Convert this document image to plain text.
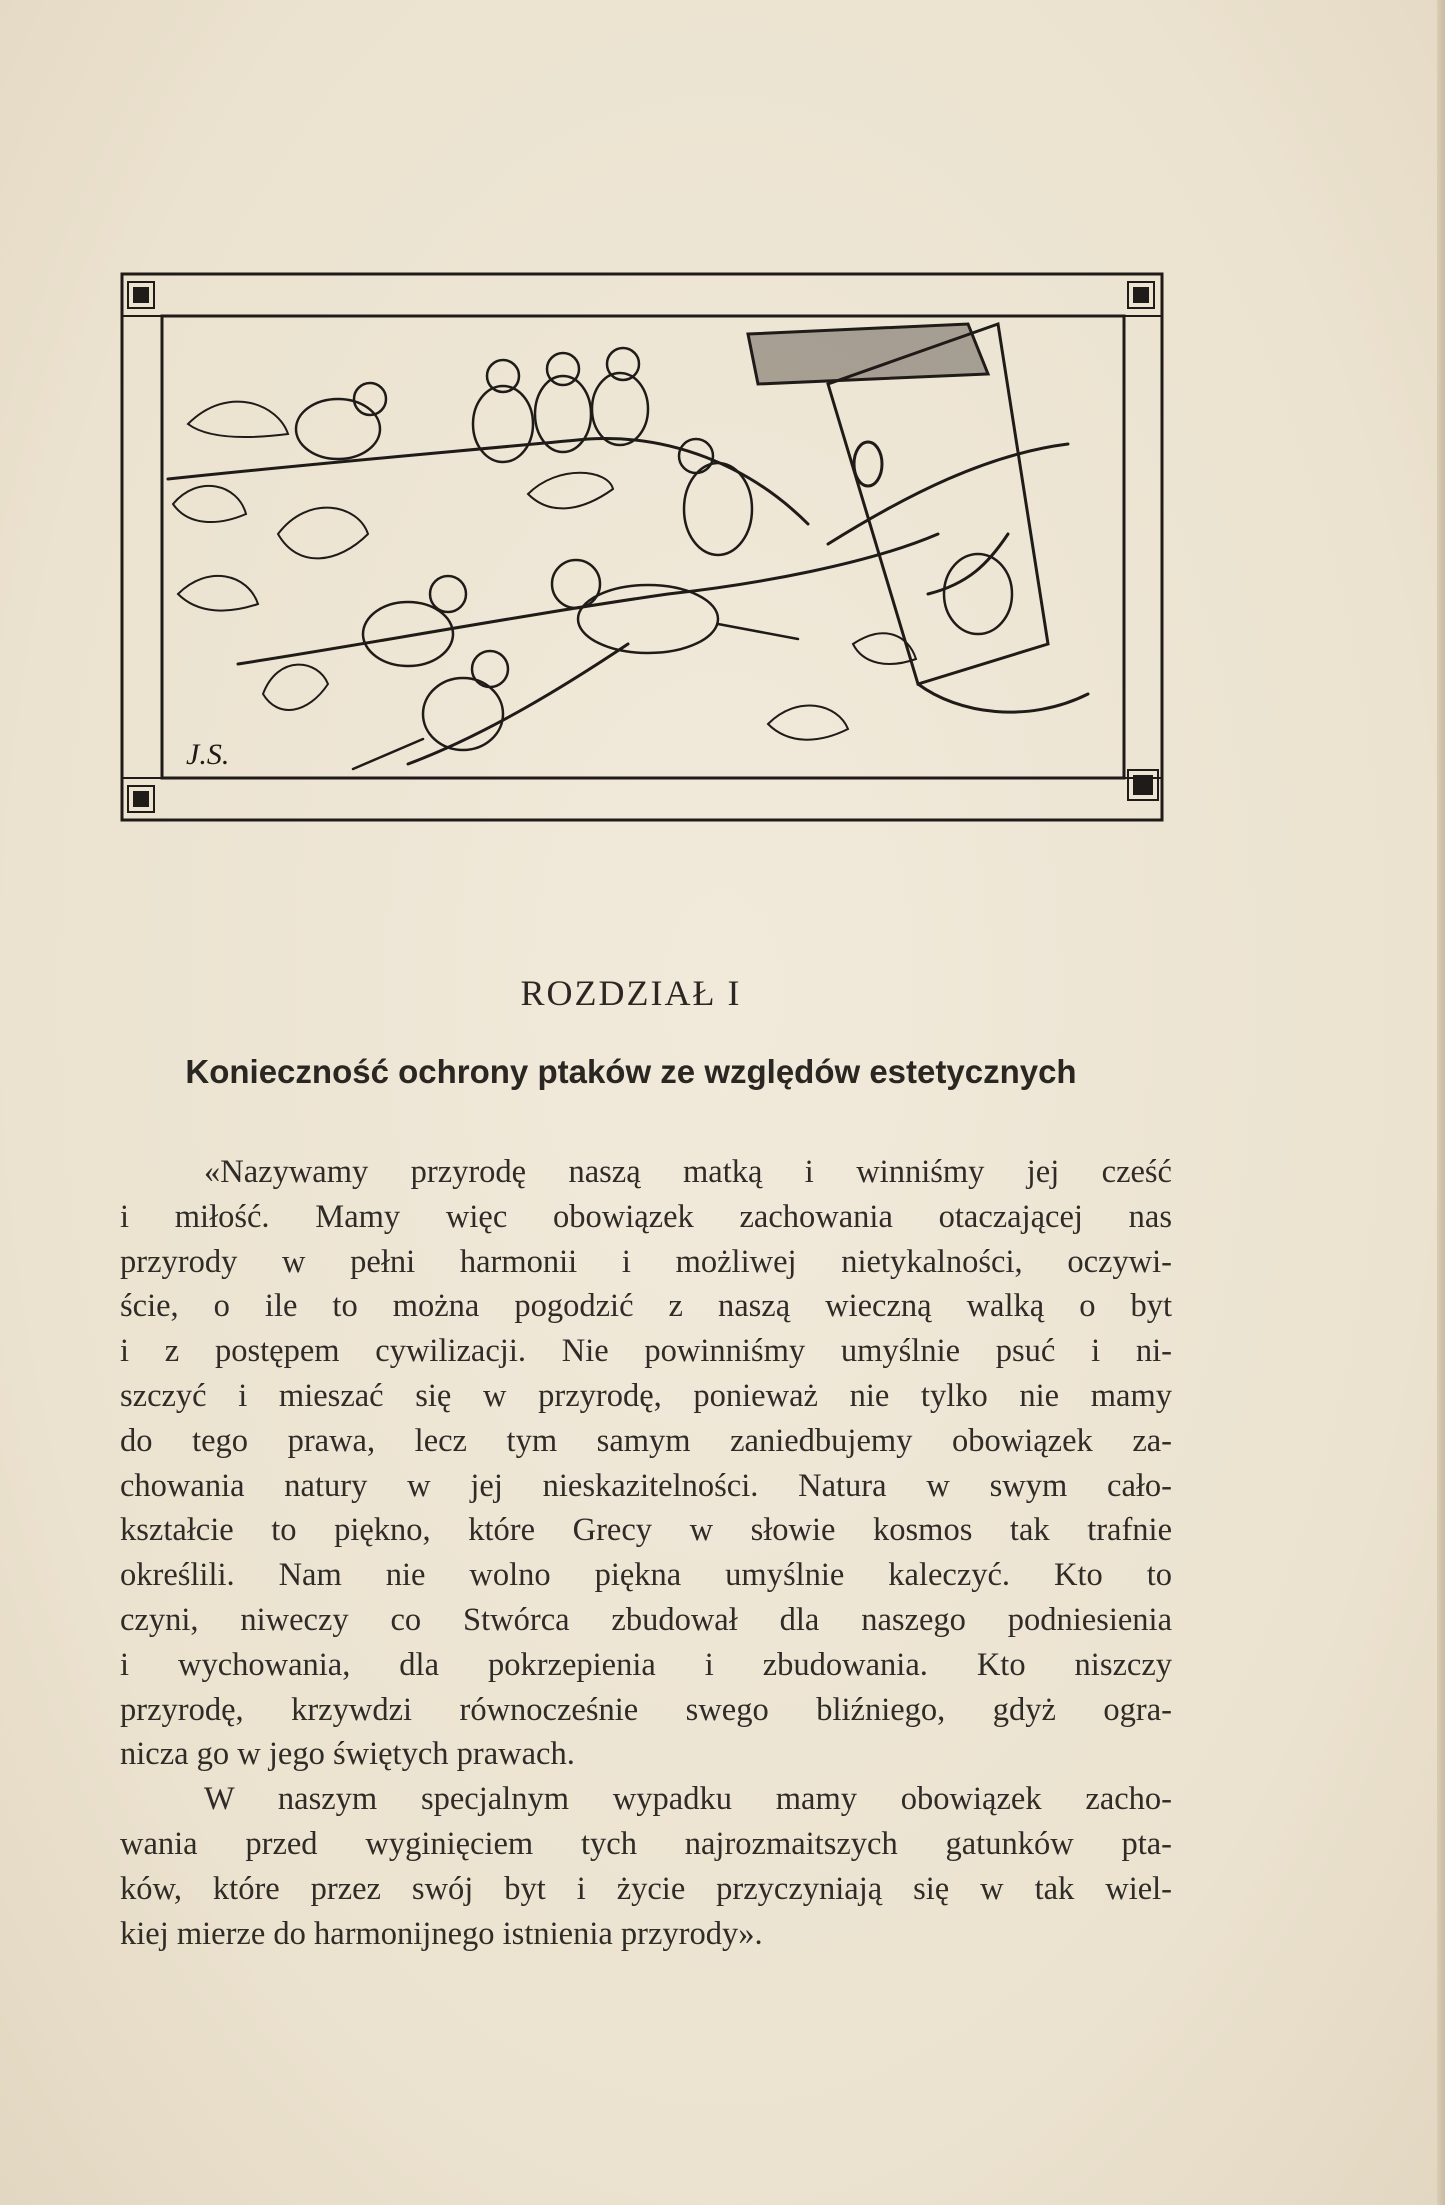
J.S.
ROZDZIAŁ I
Konieczność ochrony ptaków ze względów estetycznych
«Nazywamy przyrodę naszą matką i winniśmy jej cześć
i miłość. Mamy więc obowiązek zachowania otaczającej nas
przyrody w pełni harmonii i możliwej nietykalności, oczywi-
ście, o ile to można pogodzić z naszą wieczną walką o byt
i z postępem cywilizacji. Nie powinniśmy umyślnie psuć i ni-
szczyć i mieszać się w przyrodę, ponieważ nie tylko nie mamy
do tego prawa, lecz tym samym zaniedbujemy obowiązek za-
chowania natury w jej nieskazitelności. Natura w swym cało-
kształcie to piękno, które Grecy w słowie kosmos tak trafnie
określili. Nam nie wolno piękna umyślnie kaleczyć. Kto to
czyni, niweczy co Stwórca zbudował dla naszego podniesienia
i wychowania, dla pokrzepienia i zbudowania. Kto niszczy
przyrodę, krzywdzi równocześnie swego bliźniego, gdyż ogra-
nicza go w jego świętych prawach.
W naszym specjalnym wypadku mamy obowiązek zacho-
wania przed wyginięciem tych najrozmaitszych gatunków pta-
ków, które przez swój byt i życie przyczyniają się w tak wiel-
kiej mierze do harmonijnego istnienia przyrody».
